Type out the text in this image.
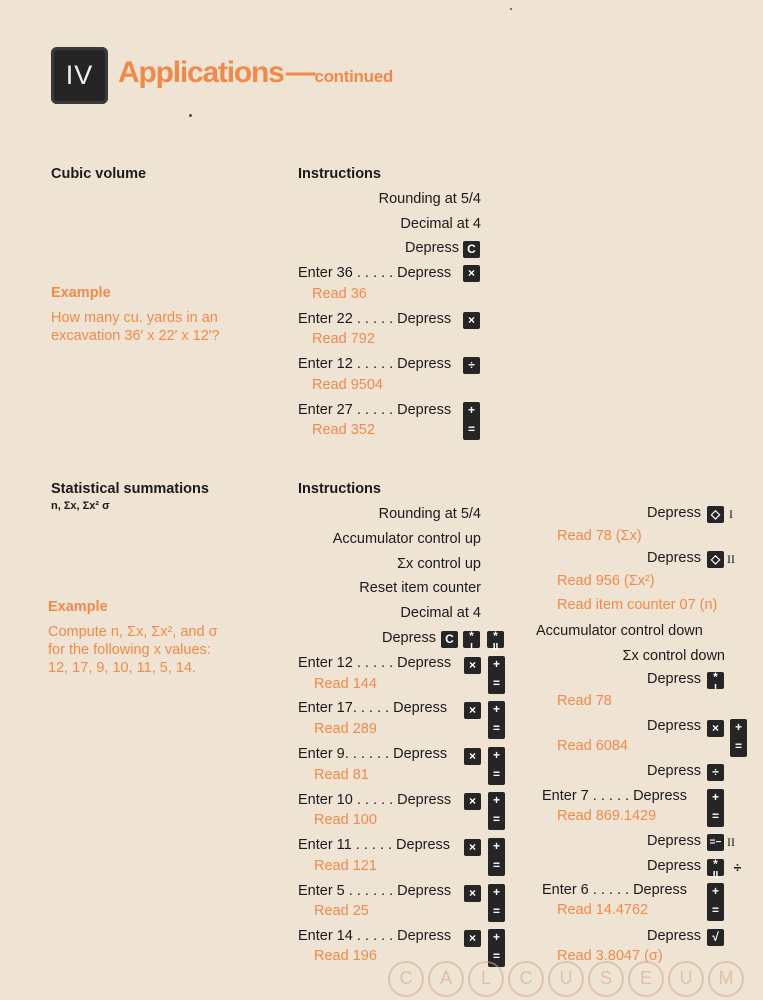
IV Applications—continued
Cubic volume	Instructions
Example
How many cu. yards in an
excavation 36′ x 22′ x 12′?
Rounding at 5/4
Decimal at 4
Depress C
Enter 36 . . . . . Depress	×
Read 36
Enter 22 . . . . . Depress	×
Read 792
Enter 12 . . . . . Depress	÷
Read 9504
Enter 27 . . . . . Depress	+
=
Read 352
Statistical summations
n, Σx, Σx² σ
Instructions
Example
Compute n, Σx, Σx², and σ
for the following x values:
12, 17, 9, 10, 11, 5, 14.
Rounding at 5/4
Accumulator control up
Σx control up
Reset item counter
Decimal at 4
Depress C	*
I
*
II
Enter 12 . . . . . Depress	×	+
=
Read 144
Enter 17. . . . . Depress	×	+
=
Read 289
Enter 9. . . . . . Depress	×	+
=
Read 81
Enter 10 . . . . . Depress	×	+
=
Read 100
Enter 11 . . . . . Depress	×	+
=
Read 121
Enter 5 . . . . . . Depress	×	+
=
Read 25
Enter 14 . . . . . Depress	×	+
=
Read 196
Depress ◇ I
Read 78 (Σx)
Depress ◇ II
Read 956 (Σx²)
Read item counter 07 (n)
Accumulator control down
Σx control down
Depress	*
I
Read 78
Depress ×	+
=
Read 6084
Depress ÷
Enter 7 . . . . . Depress	+
=
Read 869.1429
Depress =− II
Depress	*
II
÷
Enter 6 . . . . . Depress	+
=
Read 14.4762
Depress √
Read 3.8047 (σ)
C	A	L	C	U	S	E	U	M
